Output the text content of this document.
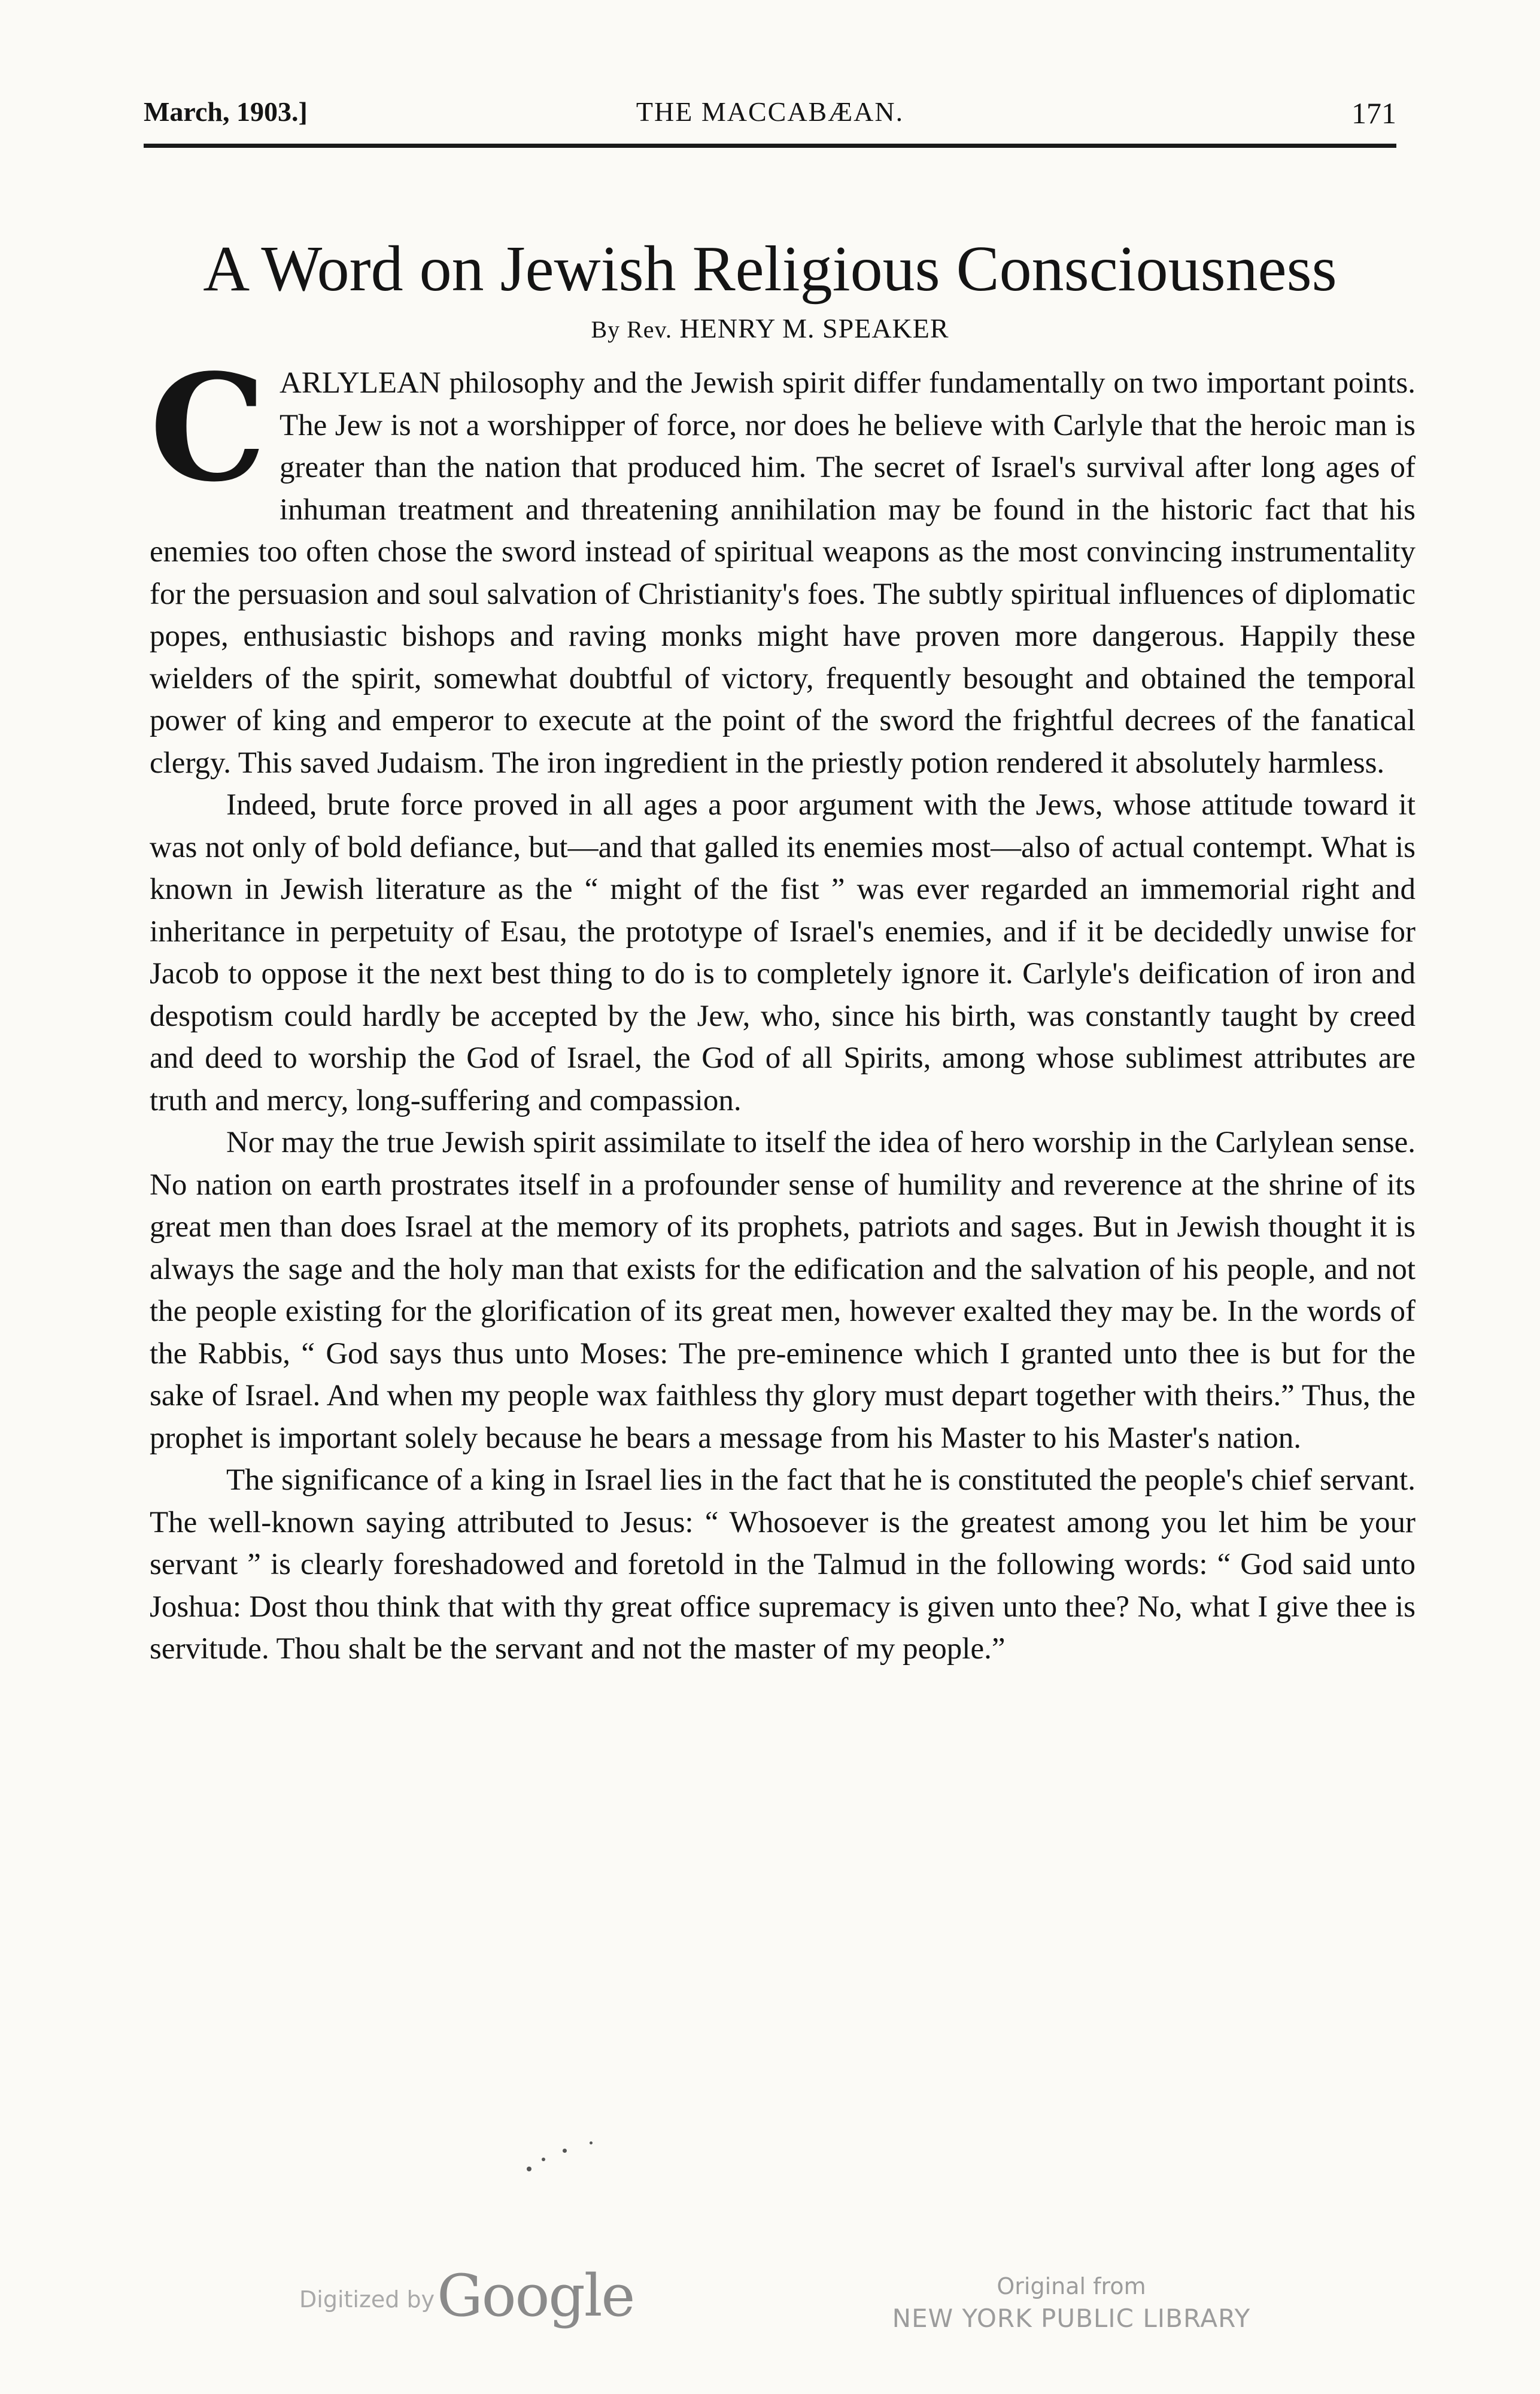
March, 1903.]	THE MACCABÆAN.	171
A Word on Jewish Religious Consciousness
By Rev. HENRY M. SPEAKER

CARLYLEAN philosophy and the Jewish spirit differ fundamentally on two important points. The Jew is not a worshipper of force, nor does he believe with Carlyle that the heroic man is greater than the nation that produced him. The secret of Israel's survival after long ages of inhuman treatment and threatening annihilation may be found in the historic fact that his enemies too often chose the sword instead of spiritual weapons as the most convincing instrumentality for the persuasion and soul salvation of Christianity's foes. The subtly spiritual influences of diplomatic popes, enthusiastic bishops and raving monks might have proven more dangerous. Happily these wielders of the spirit, somewhat doubtful of victory, frequently besought and obtained the temporal power of king and emperor to execute at the point of the sword the frightful decrees of the fanatical clergy. This saved Judaism. The iron ingredient in the priestly potion rendered it absolutely harmless.

Indeed, brute force proved in all ages a poor argument with the Jews, whose attitude toward it was not only of bold defiance, but—and that galled its enemies most—also of actual contempt. What is known in Jewish literature as the “ might of the fist ” was ever regarded an immemorial right and inheritance in perpetuity of Esau, the prototype of Israel's enemies, and if it be decidedly unwise for Jacob to oppose it the next best thing to do is to completely ignore it. Carlyle's deification of iron and despotism could hardly be accepted by the Jew, who, since his birth, was constantly taught by creed and deed to worship the God of Israel, the God of all Spirits, among whose sublimest attributes are truth and mercy, long-suffering and compassion.

Nor may the true Jewish spirit assimilate to itself the idea of hero worship in the Carlylean sense. No nation on earth prostrates itself in a profounder sense of humility and reverence at the shrine of its great men than does Israel at the memory of its prophets, patriots and sages. But in Jewish thought it is always the sage and the holy man that exists for the edification and the salvation of his people, and not the people existing for the glorification of its great men, however exalted they may be. In the words of the Rabbis, “ God says thus unto Moses: The pre-eminence which I granted unto thee is but for the sake of Israel. And when my people wax faithless thy glory must depart together with theirs.” Thus, the prophet is important solely because he bears a message from his Master to his Master's nation.

The significance of a king in Israel lies in the fact that he is constituted the people's chief servant. The well-known saying attributed to Jesus: “ Whosoever is the greatest among you let him be your servant ” is clearly foreshadowed and foretold in the Talmud in the following words: “ God said unto Joshua: Dost thou think that with thy great office supremacy is given unto thee? No, what I give thee is servitude. Thou shalt be the servant and not the master of my people.”

Digitized by Google	Original from
NEW YORK PUBLIC LIBRARY
